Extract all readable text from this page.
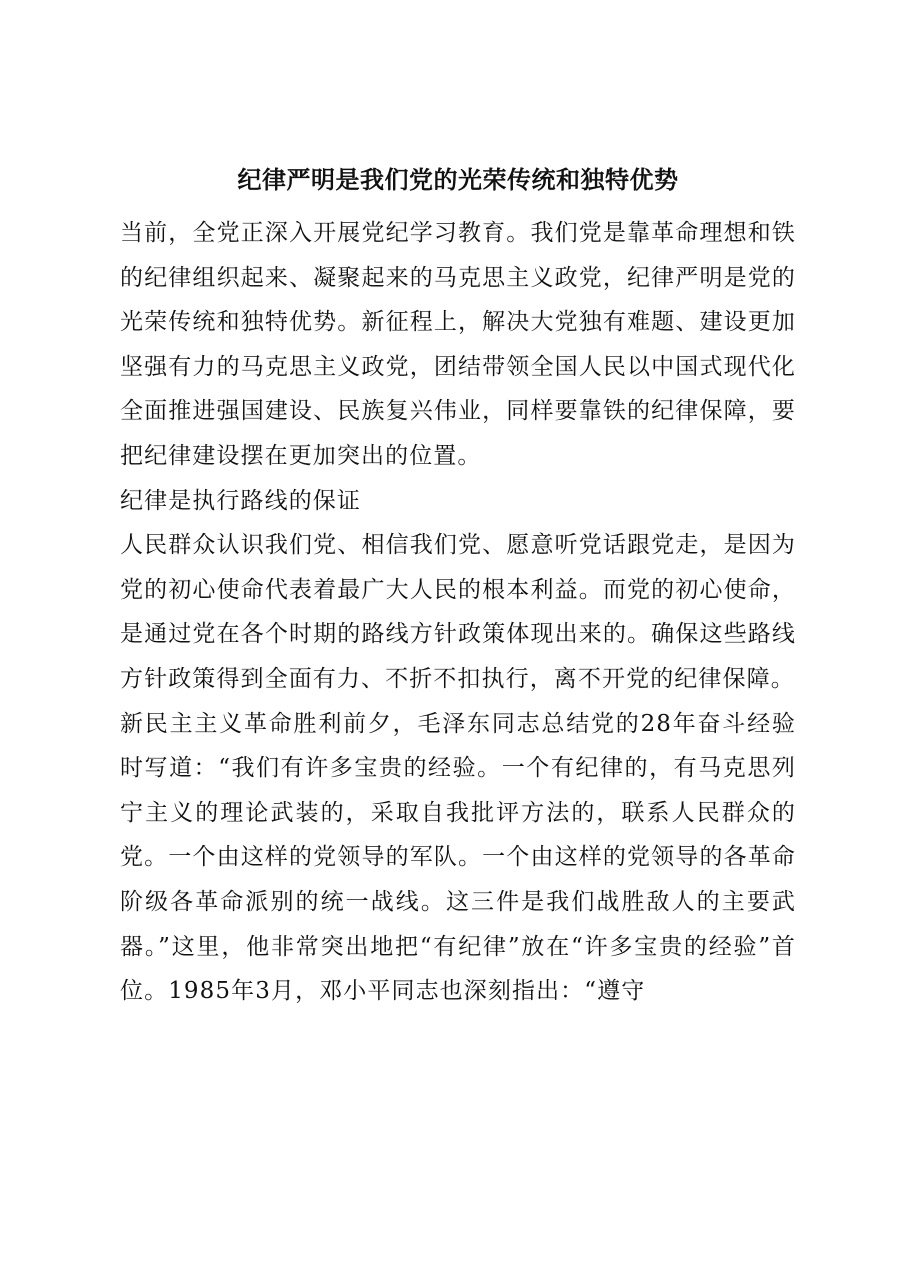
纪律严明是我们党的光荣传统和独特优势

当前，全党正深入开展党纪学习教育。我们党是靠革命理想和铁的纪律组织起来、凝聚起来的马克思主义政党，纪律严明是党的光荣传统和独特优势。新征程上，解决大党独有难题、建设更加坚强有力的马克思主义政党，团结带领全国人民以中国式现代化全面推进强国建设、民族复兴伟业，同样要靠铁的纪律保障，要把纪律建设摆在更加突出的位置。

纪律是执行路线的保证

人民群众认识我们党、相信我们党、愿意听党话跟党走，是因为党的初心使命代表着最广大人民的根本利益。而党的初心使命，是通过党在各个时期的路线方针政策体现出来的。确保这些路线方针政策得到全面有力、不折不扣执行，离不开党的纪律保障。

新民主主义革命胜利前夕，毛泽东同志总结党的28年奋斗经验时写道：“我们有许多宝贵的经验。一个有纪律的，有马克思列宁主义的理论武装的，采取自我批评方法的，联系人民群众的党。一个由这样的党领导的军队。一个由这样的党领导的各革命阶级各革命派别的统一战线。这三件是我们战胜敌人的主要武器。”这里，他非常突出地把“有纪律”放在“许多宝贵的经验”首位。1985年3月，邓小平同志也深刻指出：“遵守
